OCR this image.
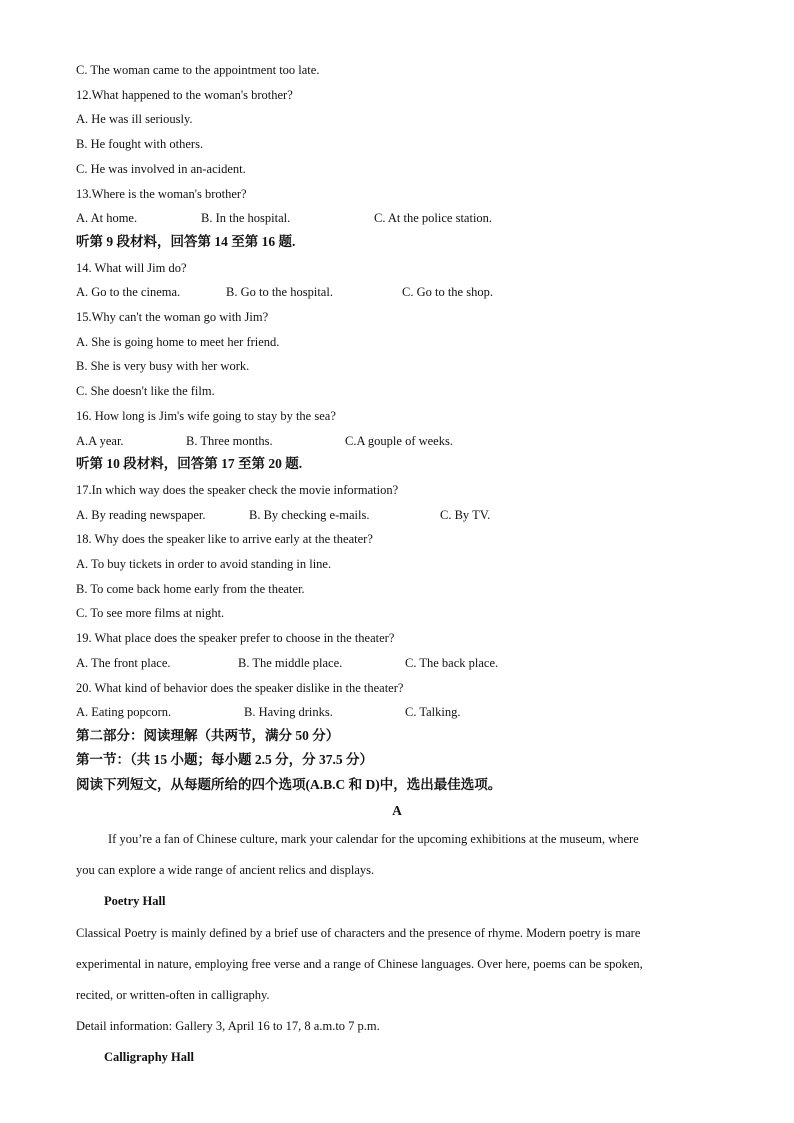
C. The woman came to the appointment too late.
12.What happened to the woman's brother?
A. He was ill seriously.
B. He fought with others.
C. He was involved in an-acident.
13.Where is the woman's brother?
A. At home.	B. In the hospital.	C. At the police station.
听第 9 段材料，回答第 14 至第 16 题.
14. What will Jim do?
A. Go to the cinema.	B. Go to the hospital.	C. Go to the shop.
15.Why can't the woman go with Jim?
A. She is going home to meet her friend.
B. She is very busy with her work.
C. She doesn't like the film.
16. How long is Jim's wife going to stay by the sea?
A.A year.	B. Three months.	C.A gouple of weeks.
听第 10 段材料，回答第 17 至第 20 题.
17.In which way does the speaker check the movie information?
A. By reading newspaper.	B. By checking e-mails.	C. By TV.
18. Why does the speaker like to arrive early at the theater?
A. To buy tickets in order to avoid standing in line.
B. To come back home early from the theater.
C. To see more films at night.
19. What place does the speaker prefer to choose in the theater?
A. The front place.	B. The middle place.	C. The back place.
20. What kind of behavior does the speaker dislike in the theater?
A. Eating popcorn.	B. Having drinks.	C. Talking.
第二部分：阅读理解（共两节，满分 50 分）
第一节：（共 15 小题；每小题 2.5 分，分 37.5 分）
阅读下列短文，从每题所给的四个选项(A.B.C 和 D)中，选出最佳选项。
A
If you’re a fan of Chinese culture, mark your calendar for the upcoming exhibitions at the museum, where
you can explore a wide range of ancient relics and displays.
Poetry Hall
Classical Poetry is mainly defined by a brief use of characters and the presence of rhyme. Modern poetry is mare
experimental in nature, employing free verse and a range of Chinese languages. Over here, poems can be spoken,
recited, or written-often in calligraphy.
Detail information: Gallery 3, April 16 to 17, 8 a.m.to 7 p.m.
Calligraphy Hall
